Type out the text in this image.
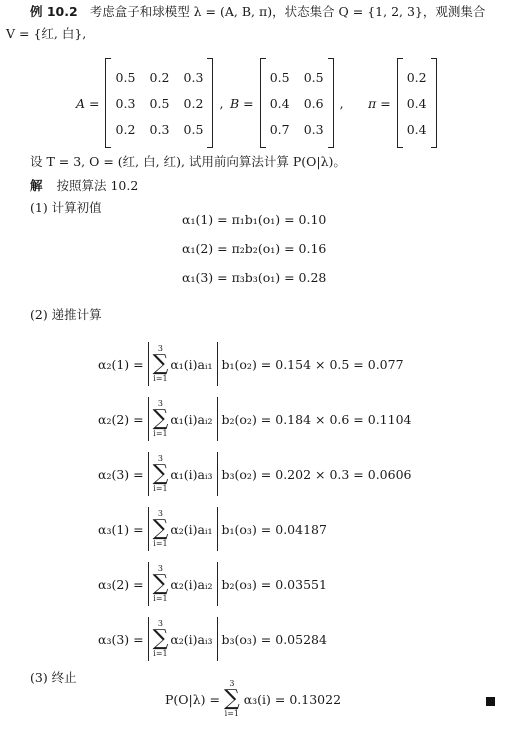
例 10.2 考虑盒子和球模型 λ = (A, B, π)，状态集合 Q = {1, 2, 3}，观测集合
V = {红, 白},
A =
0.5 0.2 0.3
0.3 0.5 0.2
0.2 0.3 0.5
, B =
0.5 0.5
0.4 0.6
0.7 0.3
, π =
0.2
0.4
0.4
设 T = 3, O = (红, 白, 红), 试用前向算法计算 P(O|λ)。
解 按照算法 10.2
(1) 计算初值
α₁(1) = π₁b₁(o₁) = 0.10
α₁(2) = π₂b₂(o₁) = 0.16
α₁(3) = π₃b₃(o₁) = 0.28
(2) 递推计算
α₂(1) =
3
∑
i=1
α₁(i)aᵢ₁ b₁(o₂) = 0.154 × 0.5 = 0.077
α₂(2) =
3
∑
i=1
α₁(i)aᵢ₂ b₂(o₂) = 0.184 × 0.6 = 0.1104
α₂(3) =
3
∑
i=1
α₁(i)aᵢ₃ b₃(o₂) = 0.202 × 0.3 = 0.0606
α₃(1) =
3
∑
i=1
α₂(i)aᵢ₁ b₁(o₃) = 0.04187
α₃(2) =
3
∑
i=1
α₂(i)aᵢ₂ b₂(o₃) = 0.03551
α₃(3) =
3
∑
i=1
α₂(i)aᵢ₃ b₃(o₃) = 0.05284
(3) 终止
P(O|λ) =
3
∑
i=1
α₃(i) = 0.13022
